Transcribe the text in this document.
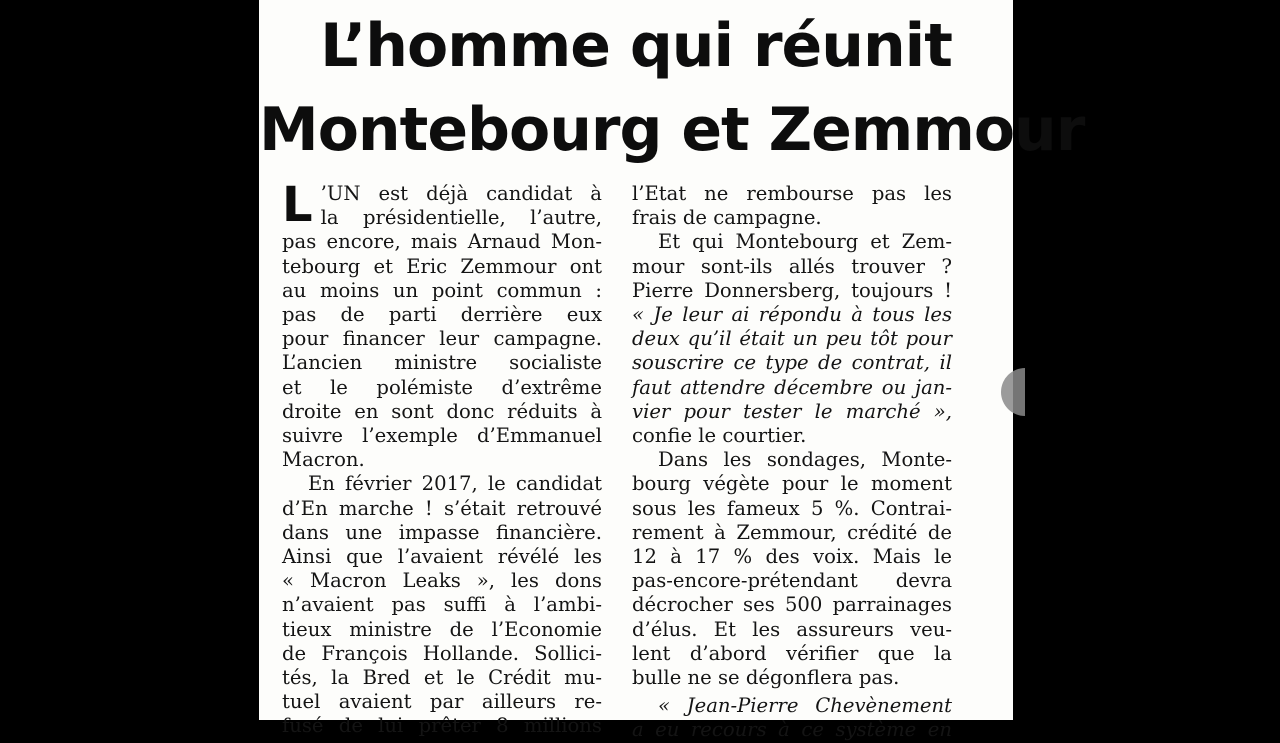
L’homme qui réunit
Montebourg et Zemmour

L ’UN est déjà candidat à
la présidentielle, l’autre,
pas encore, mais Arnaud Mon-
tebourg et Eric Zemmour ont
au moins un point commun :
pas de parti derrière eux
pour financer leur campagne.
L’ancien ministre socialiste
et le polémiste d’extrême
droite en sont donc réduits à
suivre l’exemple d’Emmanuel
Macron.

En février 2017, le candidat
d’En marche ! s’était retrouvé
dans une impasse financière.
Ainsi que l’avaient révélé les
« Macron Leaks », les dons
n’avaient pas suffi à l’ambi-
tieux ministre de l’Economie
de François Hollande. Sollici-
tés, la Bred et le Crédit mu-
tuel avaient par ailleurs re-
fusé de lui prêter 8 millions

l’Etat ne rembourse pas les
frais de campagne.

Et qui Montebourg et Zem-
mour sont-ils allés trouver ?
Pierre Donnersberg, toujours !
« Je leur ai répondu à tous les
deux qu’il était un peu tôt pour
souscrire ce type de contrat, il
faut attendre décembre ou jan-
vier pour tester le marché »,
confie le courtier.

Dans les sondages, Monte-
bourg végète pour le moment
sous les fameux 5 %. Contrai-
rement à Zemmour, crédité de
12 à 17 % des voix. Mais le
pas-encore-prétendant devra
décrocher ses 500 parrainages
d’élus. Et les assureurs veu-
lent d’abord vérifier que la
bulle ne se dégonflera pas.

« Jean-Pierre Chevènement
a eu recours à ce système en
